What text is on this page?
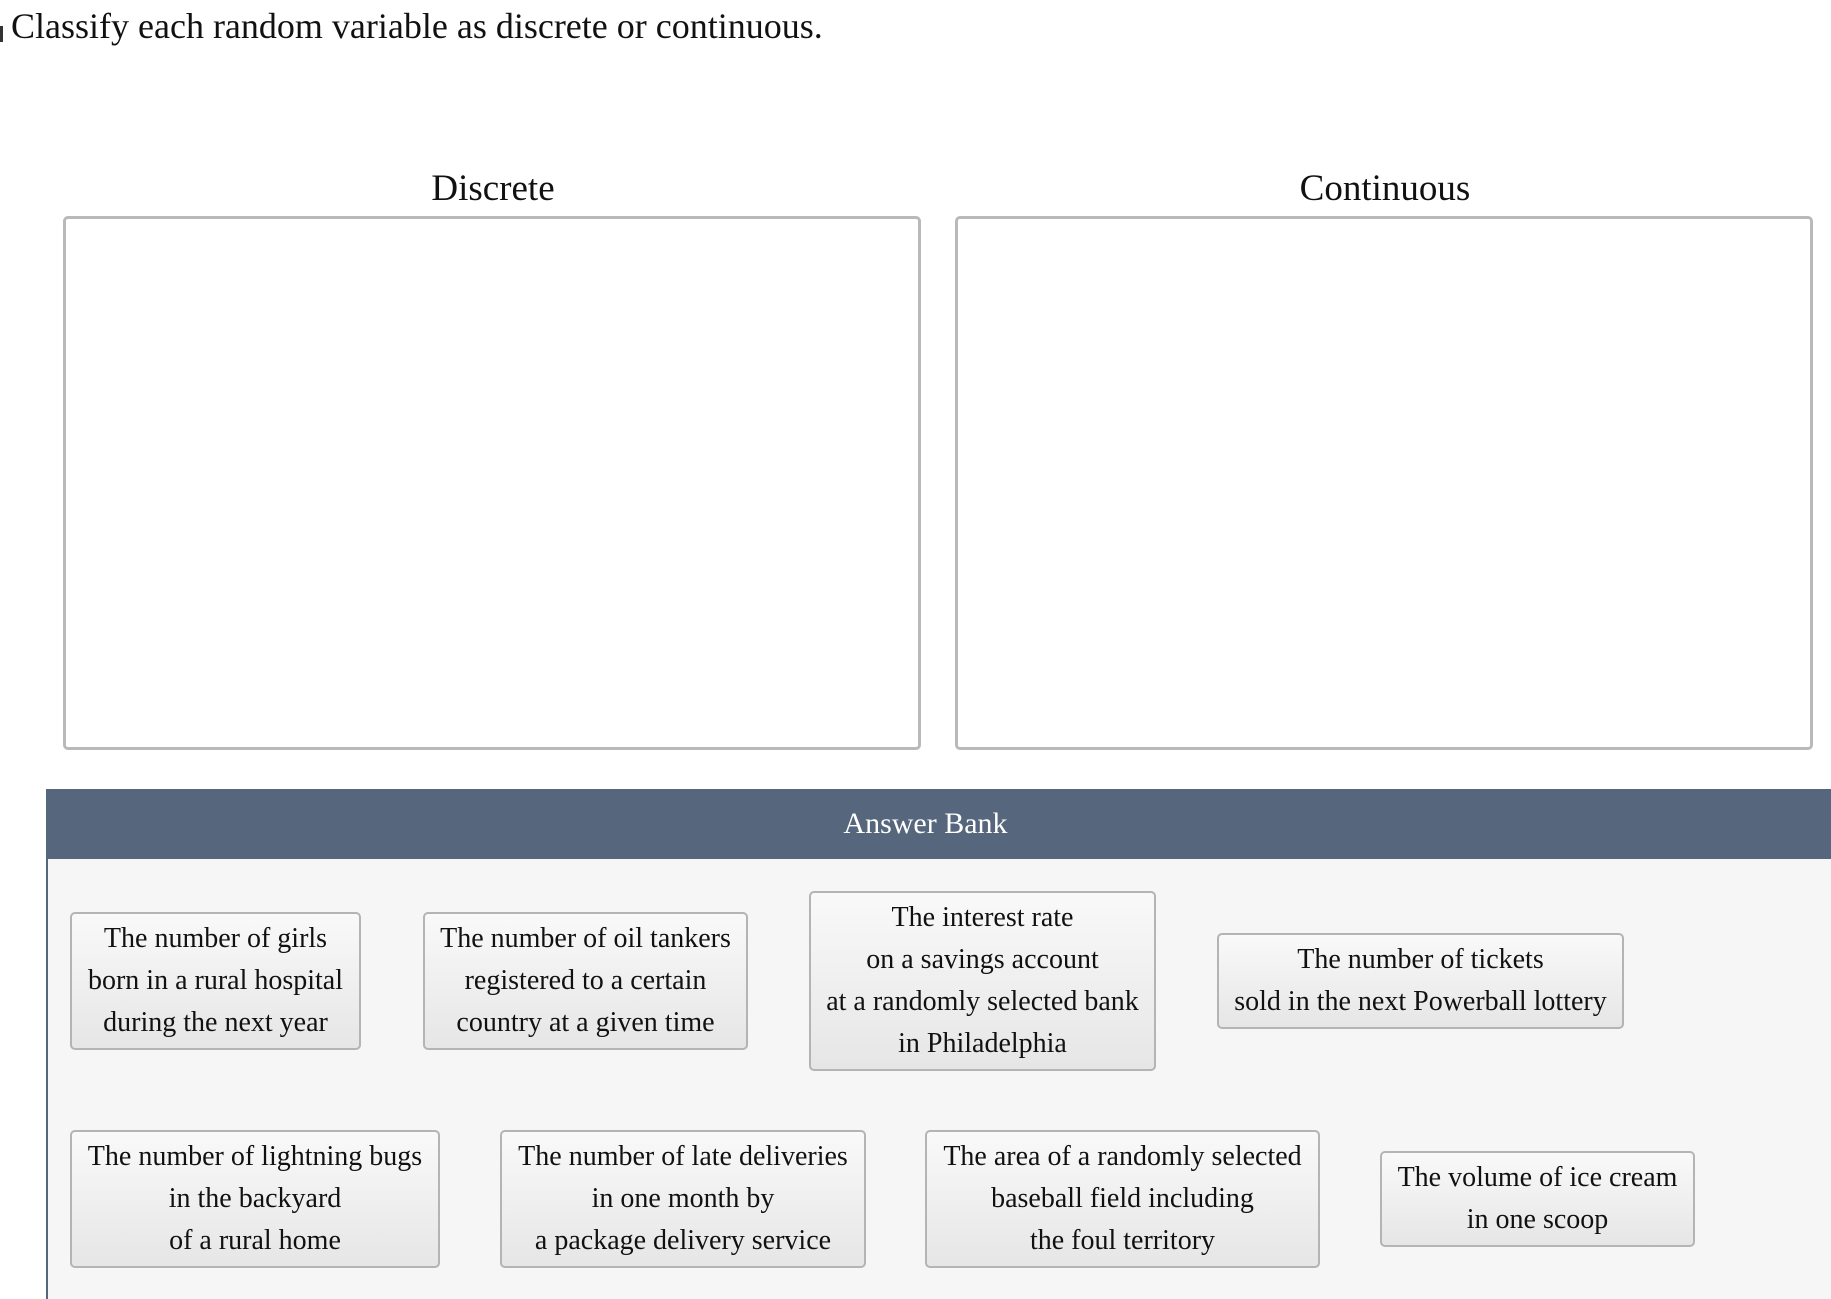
Classify each random variable as discrete or continuous.
Discrete	Continuous
Answer Bank
The number of girls
born in a rural hospital
during the next year
The number of oil tankers
registered to a certain
country at a given time
The interest rate
on a savings account
at a randomly selected bank
in Philadelphia
The number of tickets
sold in the next Powerball lottery
The number of lightning bugs
in the backyard
of a rural home
The number of late deliveries
in one month by
a package delivery service
The area of a randomly selected
baseball field including
the foul territory
The volume of ice cream
in one scoop
